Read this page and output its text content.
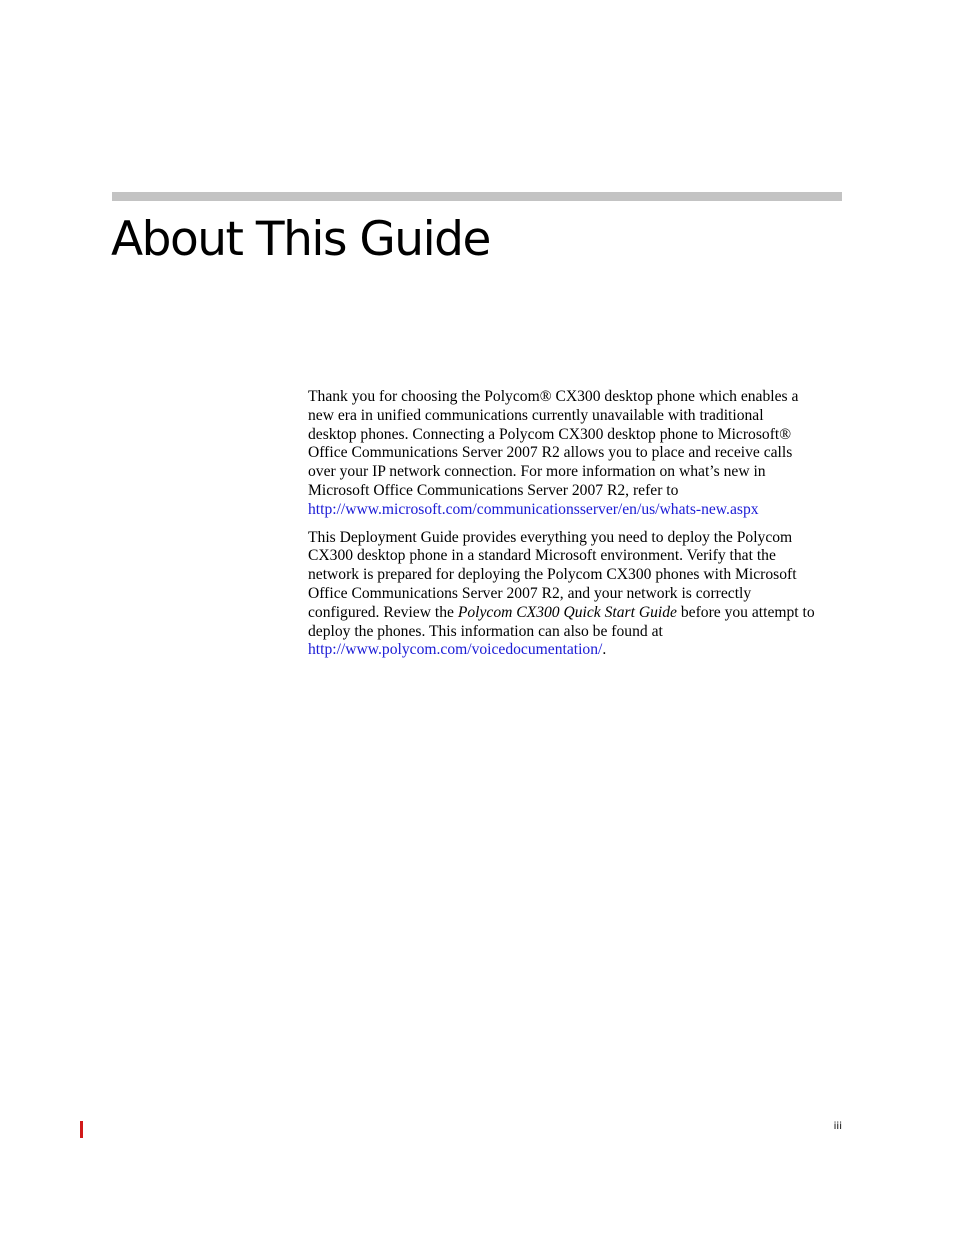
About This Guide

Thank you for choosing the Polycom® CX300 desktop phone which enables a
new era in unified communications currently unavailable with traditional
desktop phones. Connecting a Polycom CX300 desktop phone to Microsoft®
Office Communications Server 2007 R2 allows you to place and receive calls
over your IP network connection. For more information on what’s new in
Microsoft Office Communications Server 2007 R2, refer to
http://www.microsoft.com/communicationsserver/en/us/whats-new.aspx

This Deployment Guide provides everything you need to deploy the Polycom
CX300 desktop phone in a standard Microsoft environment. Verify that the
network is prepared for deploying the Polycom CX300 phones with Microsoft
Office Communications Server 2007 R2, and your network is correctly
configured. Review the Polycom CX300 Quick Start Guide before you attempt to
deploy the phones. This information can also be found at
http://www.polycom.com/voicedocumentation/.

iii
